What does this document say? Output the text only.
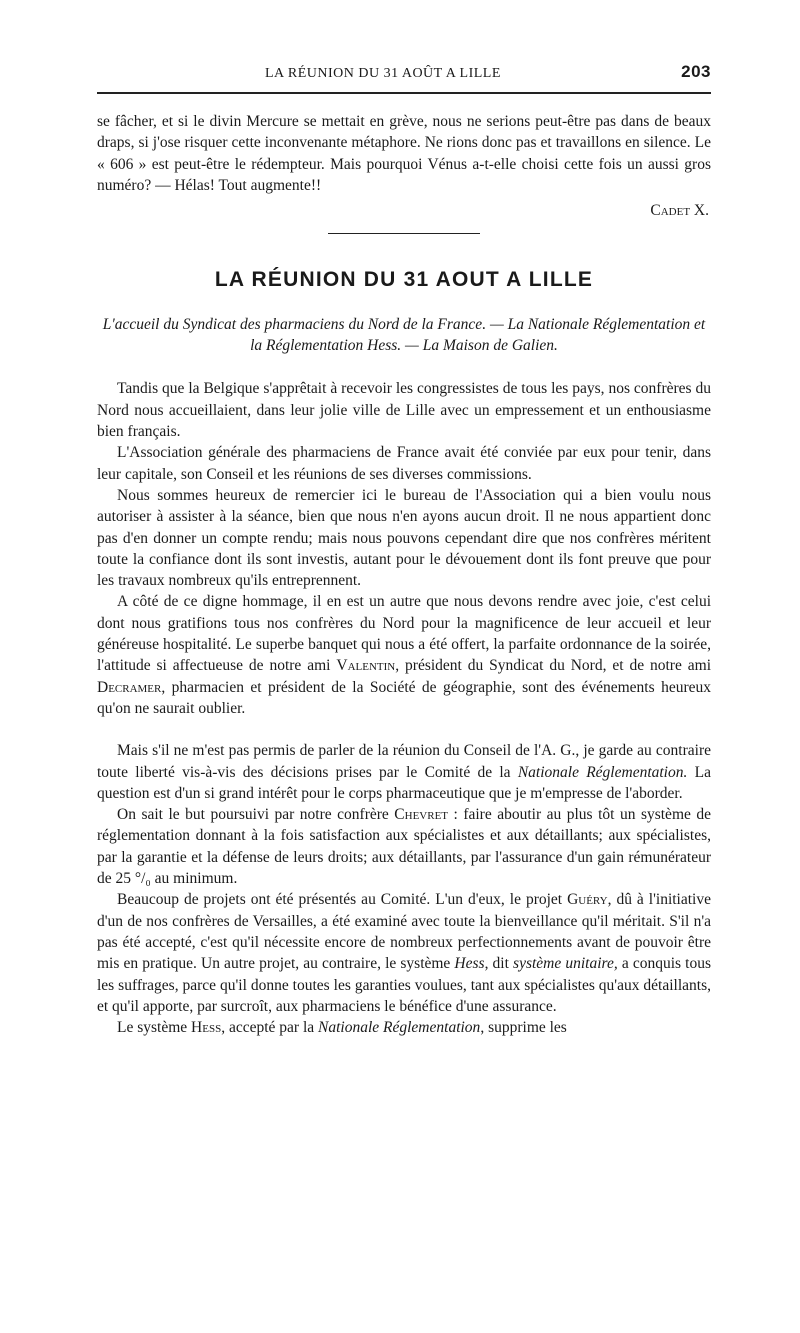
LA RÉUNION DU 31 AOÛT A LILLE	203

se fâcher, et si le divin Mercure se mettait en grève, nous ne serions peut-être pas dans de beaux draps, si j'ose risquer cette inconvenante métaphore. Ne rions donc pas et travaillons en silence. Le « 606 » est peut-être le rédempteur. Mais pourquoi Vénus a-t-elle choisi cette fois un aussi gros numéro? — Hélas! Tout augmente!!

Cadet X.
LA RÉUNION DU 31 AOUT A LILLE
L'accueil du Syndicat des pharmaciens du Nord de la France. — La Nationale Réglementation et la Réglementation Hess. — La Maison de Galien.

Tandis que la Belgique s'apprêtait à recevoir les congressistes de tous les pays, nos confrères du Nord nous accueillaient, dans leur jolie ville de Lille avec un empressement et un enthousiasme bien français.

L'Association générale des pharmaciens de France avait été conviée par eux pour tenir, dans leur capitale, son Conseil et les réunions de ses diverses commissions.

Nous sommes heureux de remercier ici le bureau de l'Association qui a bien voulu nous autoriser à assister à la séance, bien que nous n'en ayons aucun droit. Il ne nous appartient donc pas d'en donner un compte rendu; mais nous pouvons cependant dire que nos confrères méritent toute la confiance dont ils sont investis, autant pour le dévouement dont ils font preuve que pour les travaux nombreux qu'ils entreprennent.

A côté de ce digne hommage, il en est un autre que nous devons rendre avec joie, c'est celui dont nous gratifions tous nos confrères du Nord pour la magnificence de leur accueil et leur généreuse hospitalité. Le superbe banquet qui nous a été offert, la parfaite ordonnance de la soirée, l'attitude si affectueuse de notre ami Valentin, président du Syndicat du Nord, et de notre ami Decramer, pharmacien et président de la Société de géographie, sont des événements heureux qu'on ne saurait oublier.

Mais s'il ne m'est pas permis de parler de la réunion du Conseil de l'A. G., je garde au contraire toute liberté vis-à-vis des décisions prises par le Comité de la Nationale Réglementation. La question est d'un si grand intérêt pour le corps pharmaceutique que je m'empresse de l'aborder.

On sait le but poursuivi par notre confrère Chevret : faire aboutir au plus tôt un système de réglementation donnant à la fois satisfaction aux spécialistes et aux détaillants; aux spécialistes, par la garantie et la défense de leurs droits; aux détaillants, par l'assurance d'un gain rémunérateur de 25 °/₀ au minimum.

Beaucoup de projets ont été présentés au Comité. L'un d'eux, le projet Guéry, dû à l'initiative d'un de nos confrères de Versailles, a été examiné avec toute la bienveillance qu'il méritait. S'il n'a pas été accepté, c'est qu'il nécessite encore de nombreux perfectionnements avant de pouvoir être mis en pratique. Un autre projet, au contraire, le système Hess, dit système unitaire, a conquis tous les suffrages, parce qu'il donne toutes les garanties voulues, tant aux spécialistes qu'aux détaillants, et qu'il apporte, par surcroît, aux pharmaciens le bénéfice d'une assurance.

Le système Hess, accepté par la Nationale Réglementation, supprime les
